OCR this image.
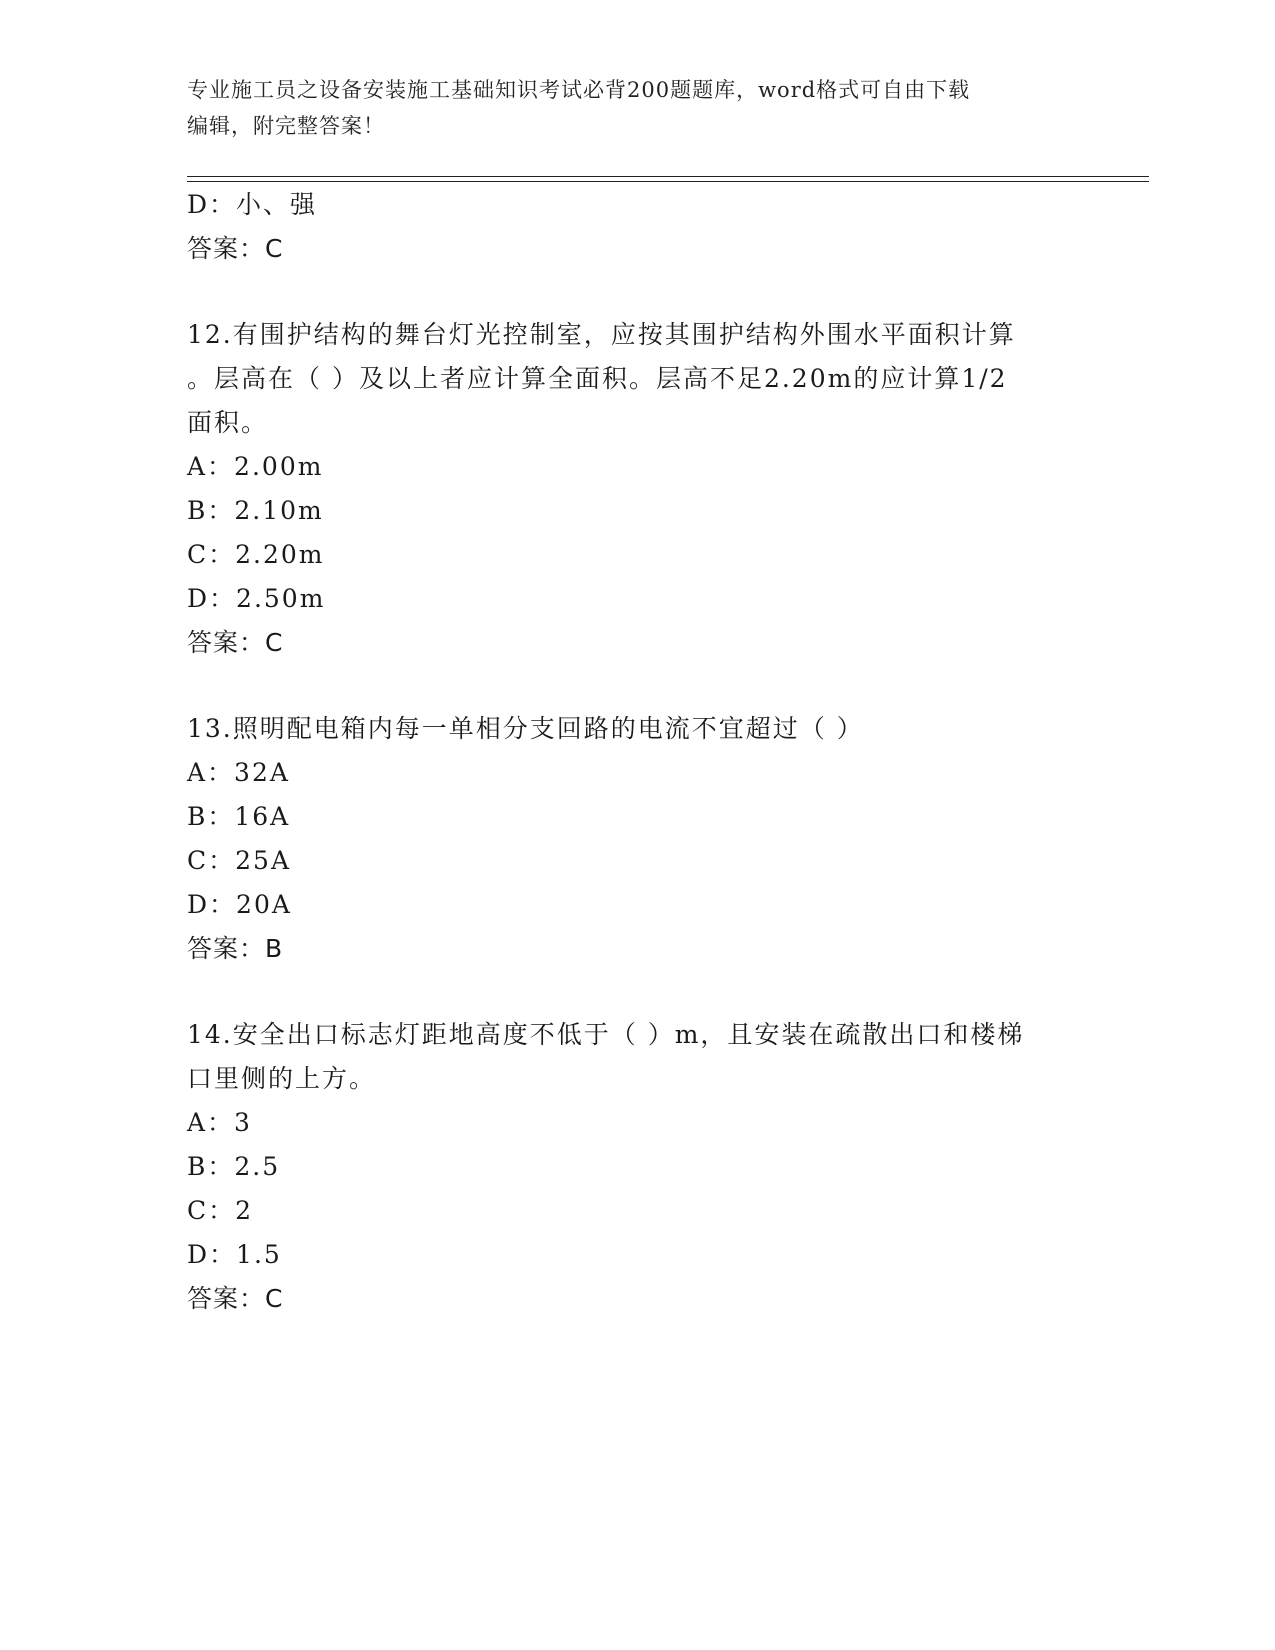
专业施工员之设备安装施工基础知识考试必背200题题库，word格式可自由下载
编辑，附完整答案！
D：小、强
答案：C
12.有围护结构的舞台灯光控制室，应按其围护结构外围水平面积计算
。层高在（ ）及以上者应计算全面积。层高不足2.20m的应计算1/2
面积。
A：2.00m
B：2.10m
C：2.20m
D：2.50m
答案：C
13.照明配电箱内每一单相分支回路的电流不宜超过（ ）
A：32A
B：16A
C：25A
D：20A
答案：B
14.安全出口标志灯距地高度不低于（ ）m，且安装在疏散出口和楼梯
口里侧的上方。
A：3
B：2.5
C：2
D：1.5
答案：C
